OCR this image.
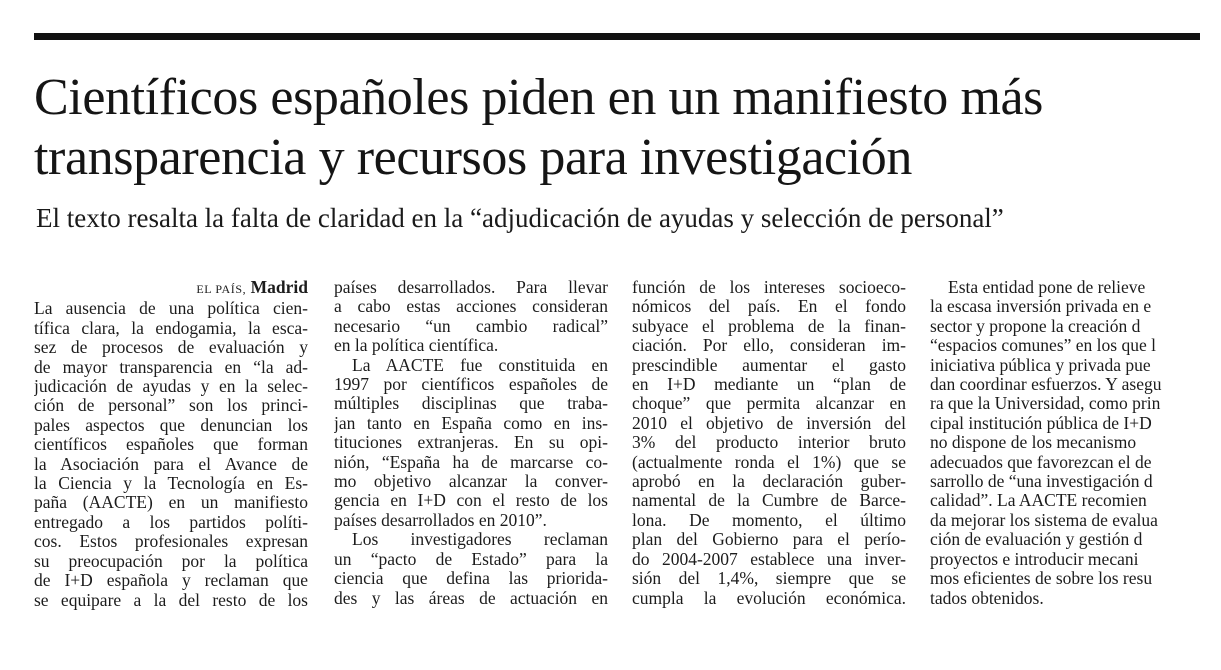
Científicos españoles piden en un manifiesto más
transparencia y recursos para investigación
El texto resalta la falta de claridad en la “adjudicación de ayudas y selección de personal”
EL PAÍS, Madrid

La ausencia de una política cien-
tífica clara, la endogamia, la esca-
sez de procesos de evaluación y
de mayor transparencia en “la ad-
judicación de ayudas y en la selec-
ción de personal” son los princi-
pales aspectos que denuncian los
científicos españoles que forman
la Asociación para el Avance de
la Ciencia y la Tecnología en Es-
paña (AACTE) en un manifiesto
entregado a los partidos políti-
cos. Estos profesionales expresan
su preocupación por la política
de I+D española y reclaman que
se equipare a la del resto de los

países desarrollados. Para llevar
a cabo estas acciones consideran
necesario “un cambio radical”
en la política científica.

La AACTE fue constituida en
1997 por científicos españoles de
múltiples disciplinas que traba-
jan tanto en España como en ins-
tituciones extranjeras. En su opi-
nión, “España ha de marcarse co-
mo objetivo alcanzar la conver-
gencia en I+D con el resto de los
países desarrollados en 2010”.

Los investigadores reclaman
un “pacto de Estado” para la
ciencia que defina las priorida-
des y las áreas de actuación en

función de los intereses socioeco-
nómicos del país. En el fondo
subyace el problema de la finan-
ciación. Por ello, consideran im-
prescindible aumentar el gasto
en I+D mediante un “plan de
choque” que permita alcanzar en
2010 el objetivo de inversión del
3% del producto interior bruto
(actualmente ronda el 1%) que se
aprobó en la declaración guber-
namental de la Cumbre de Barce-
lona. De momento, el último
plan del Gobierno para el perío-
do 2004-2007 establece una inver-
sión del 1,4%, siempre que se
cumpla la evolución económica.

Esta entidad pone de relieve
la escasa inversión privada en e
sector y propone la creación d
“espacios comunes” en los que l
iniciativa pública y privada pue
dan coordinar esfuerzos. Y asegu
ra que la Universidad, como prin
cipal institución pública de I+D
no dispone de los mecanismo
adecuados que favorezcan el de
sarrollo de “una investigación d
calidad”. La AACTE recomien
da mejorar los sistema de evalua
ción de evaluación y gestión d
proyectos e introducir mecani
mos eficientes de sobre los resu
tados obtenidos.
